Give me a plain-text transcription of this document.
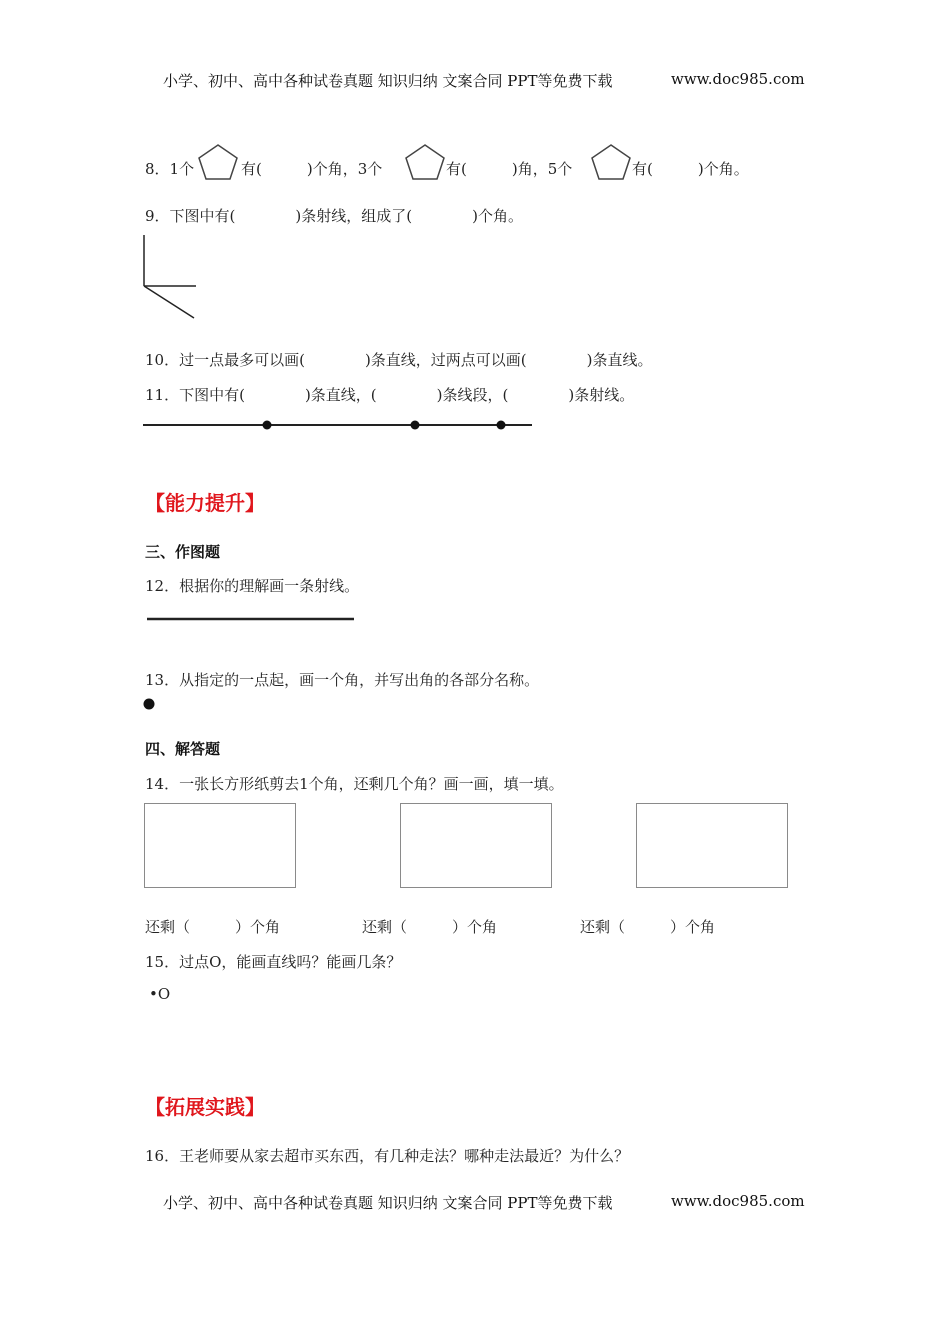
小学、初中、高中各种试卷真题 知识归纳 文案合同 PPT等免费下载	www.doc985.com
8．1个	有(　　　)个角，3个	有(　　　)角，5个	有(　　　)个角。
9．下图中有(　　　　)条射线，组成了(　　　　)个角。
10．过一点最多可以画(　　　　)条直线，过两点可以画(　　　　)条直线。
11．下图中有(　　　　)条直线，(　　　　)条线段，(　　　　)条射线。
【能力提升】
三、作图题
12．根据你的理解画一条射线。
13．从指定的一点起，画一个角，并写出角的各部分名称。
四、解答题
14．一张长方形纸剪去1个角，还剩几个角？画一画，填一填。
还剩（　　　）个角	还剩（　　　）个角	还剩（　　　）个角
15．过点O，能画直线吗？能画几条？
•O
【拓展实践】
16．王老师要从家去超市买东西，有几种走法？哪种走法最近？为什么？
小学、初中、高中各种试卷真题 知识归纳 文案合同 PPT等免费下载	www.doc985.com
